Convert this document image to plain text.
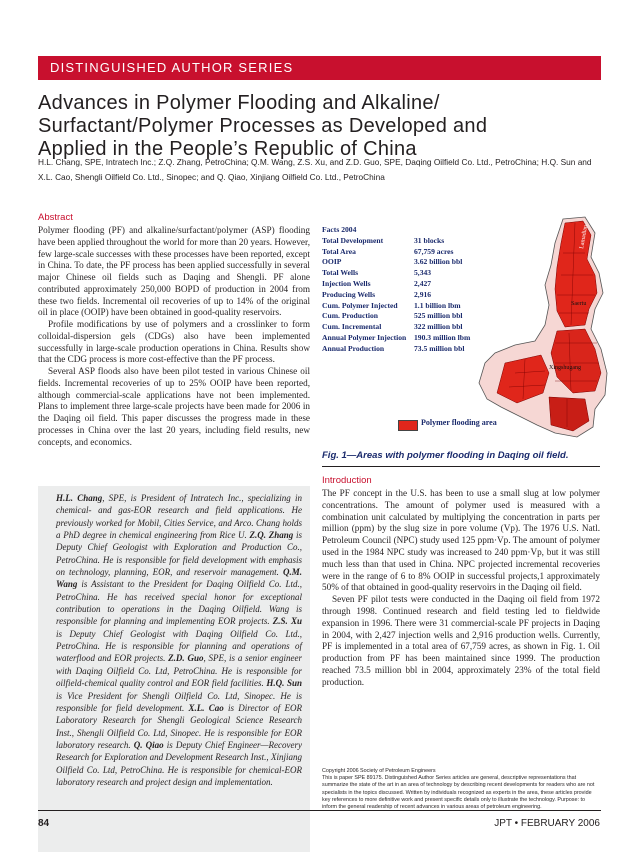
DISTINGUISHED AUTHOR SERIES
Advances in Polymer Flooding and Alkaline/
Surfactant/Polymer Processes as Developed and
Applied in the People’s Republic of China
H.L. Chang, SPE, Intratech Inc.; Z.Q. Zhang, PetroChina; Q.M. Wang, Z.S. Xu, and Z.D. Guo, SPE, Daqing Oilfield Co. Ltd., PetroChina; H.Q. Sun and
X.L. Cao, Shengli Oilfield Co. Ltd., Sinopec; and Q. Qiao, Xinjiang Oilfield Co. Ltd., PetroChina
Abstract

Polymer flooding (PF) and alkaline/surfactant/polymer (ASP) flooding have been applied throughout the world for more than 20 years. However, few large-scale successes with these processes have been reported, except in China. To date, the PF process has been applied successfully in several major Chinese oil fields such as Daqing and Shengli. PF alone contributed approximately 250,000 BOPD of production in 2004 from these two fields. Incremental oil recoveries of up to 14% of the original oil in place (OOIP) have been obtained in good-quality reservoirs.

Profile modifications by use of polymers and a crosslinker to form colloidal-dispersion gels (CDGs) also have been implemented successfully in large-scale production operations in China. Results show that the CDG process is more cost-effective than the PF process.

Several ASP floods also have been pilot tested in various Chinese oil fields. Incremental recoveries of up to 25% OOIP have been reported, although commercial-scale applications have not been implemented. Plans to implement three large-scale projects have been made for 2006 in the Daqing oil field. This paper discusses the progress made in these processes in China over the last 20 years, including field results, new concepts, and economics.

H.L. Chang, SPE, is President of Intratech Inc., specializing in chemical- and gas-EOR research and field applications. He previously worked for Mobil, Cities Service, and Arco. Chang holds a PhD degree in chemical engineering from Rice U. Z.Q. Zhang is Deputy Chief Geologist with Exploration and Production Co., PetroChina. He is responsible for field development with emphasis on technology, planning, EOR, and reservoir management. Q.M. Wang is Assistant to the President for Daqing Oilfield Co. Ltd., PetroChina. He has received special honor for exceptional contribution to operations in the Daqing Oilfield. Wang is responsible for planning and implementing EOR projects. Z.S. Xu is Deputy Chief Geologist with Daqing Oilfield Co. Ltd., PetroChina. He is responsible for planning and operations of waterflood and EOR projects. Z.D. Guo, SPE, is a senior engineer with Daqing Oilfield Co. Ltd, PetroChina. He is responsible for oilfield-chemical quality control and EOR field facilities. H.Q. Sun is Vice President for Shengli Oilfield Co. Ltd, Sinopec. He is responsible for field development. X.L. Cao is Director of EOR Laboratory Research for Shengli Geological Science Research Inst., Shengli Oilfield Co. Ltd, Sinopec. He is responsible for EOR laboratory research. Q. Qiao is Deputy Chief Engineer—Recovery Research for Exploration and Development Research Inst., Xinjiang Oilfield Co. Ltd, PetroChina. He is responsible for chemical-EOR laboratory research and project design and implementation.
Facts 2004
Total Development	31 blocks
Total Area	67,759 acres
OOIP	3.62 billion bbl
Total Wells	5,343
Injection Wells	2,427
Producing Wells	2,916
Cum. Polymer Injected 1.1 billion lbm
Cum. Production	525 million bbl
Cum. Incremental	322 million bbl
Annual Polymer Injection 190.3 million lbm
Annual Production	73.5 million bbl
Lamadian
Saertu
Xingshugang
Polymer flooding area
Fig. 1—Areas with polymer flooding in Daqing oil field.
Introduction

The PF concept in the U.S. has been to use a small slug at low polymer concentrations. The amount of polymer used is measured with a combination unit calculated by multiplying the concentration in parts per million (ppm) by the slug size in pore volume (Vp). The 1976 U.S. Natl. Petroleum Council (NPC) study used 125 ppm·Vp. The amount of polymer used in the 1984 NPC study was increased to 240 ppm·Vp, but it was still much less than that used in China. NPC projected incremental recoveries were in the range of 6 to 8% OOIP in successful projects,1 approximately 50% of that obtained in good-quality reservoirs in the Daqing oil field.

Seven PF pilot tests were conducted in the Daqing oil field from 1972 through 1998. Continued research and field testing led to fieldwide expansion in 1996. There were 31 commercial-scale PF projects in Daqing in 2004, with 2,427 injection wells and 2,916 production wells. Currently, PF is implemented in a total area of 67,759 acres, as shown in Fig. 1. Oil production from PF has been maintained since 1999. The production reached 73.5 million bbl in 2004, approximately 23% of the total field production.

Copyright 2006 Society of Petroleum Engineers
This is paper SPE 89175. Distinguished Author Series articles are general, descriptive representations that summarize the state of the art in an area of technology by describing recent developments for readers who are not specialists in the topics discussed. Written by individuals recognized as experts in the area, these articles provide key references to more definitive work and present specific details only to illustrate the technology. Purpose: to inform the general readership of recent advances in various areas of petroleum engineering.
84	JPT • FEBRUARY 2006
